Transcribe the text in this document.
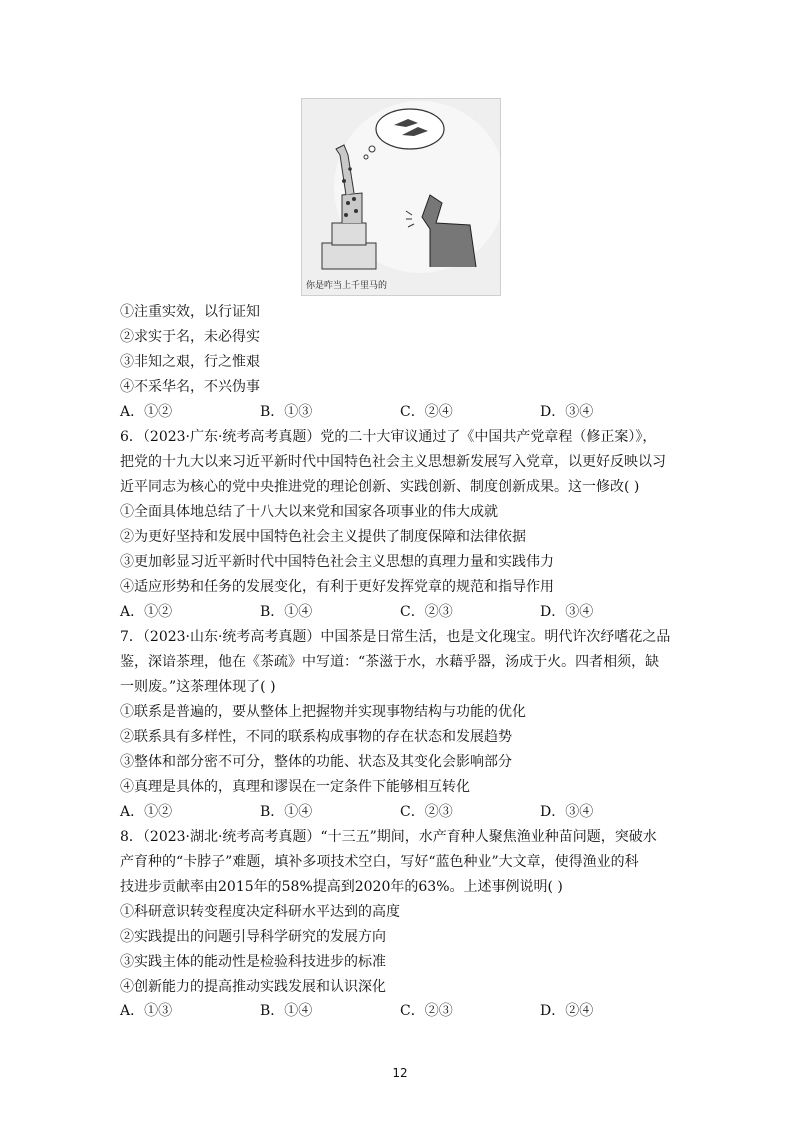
你是咋当上千里马的
①注重实效，以行证知
②求实于名，未必得实
③非知之艰，行之惟艰
④不采华名，不兴伪事
A．①②	B．①③	C．②④	D．③④
6．（2023·广东·统考高考真题）党的二十大审议通过了《中国共产党章程（修正案）》，
把党的十九大以来习近平新时代中国特色社会主义思想新发展写入党章，以更好反映以习
近平同志为核心的党中央推进党的理论创新、实践创新、制度创新成果。这一修改( )
①全面具体地总结了十八大以来党和国家各项事业的伟大成就
②为更好坚持和发展中国特色社会主义提供了制度保障和法律依据
③更加彰显习近平新时代中国特色社会主义思想的真理力量和实践伟力
④适应形势和任务的发展变化，有利于更好发挥党章的规范和指导作用
A．①②	B．①④	C．②③	D．③④
7．（2023·山东·统考高考真题）中国茶是日常生活，也是文化瑰宝。明代许次纾嗜花之品
鉴，深谙茶理，他在《茶疏》中写道：“茶滋于水，水藉乎器，汤成于火。四者相须，缺
一则废。”这茶理体现了( )
①联系是普遍的，要从整体上把握物并实现事物结构与功能的优化
②联系具有多样性，不同的联系构成事物的存在状态和发展趋势
③整体和部分密不可分，整体的功能、状态及其变化会影响部分
④真理是具体的，真理和谬误在一定条件下能够相互转化
A．①②	B．①④	C．②③	D．③④
8．（2023·湖北·统考高考真题）“十三五”期间，水产育种人聚焦渔业种苗问题，突破水
产育种的“卡脖子”难题，填补多项技术空白，写好“蓝色种业”大文章，使得渔业的科
技进步贡献率由2015年的58%提高到2020年的63%。上述事例说明( )
①科研意识转变程度决定科研水平达到的高度
②实践提出的问题引导科学研究的发展方向
③实践主体的能动性是检验科技进步的标准
④创新能力的提高推动实践发展和认识深化
A．①③	B．①④	C．②③	D．②④
12
